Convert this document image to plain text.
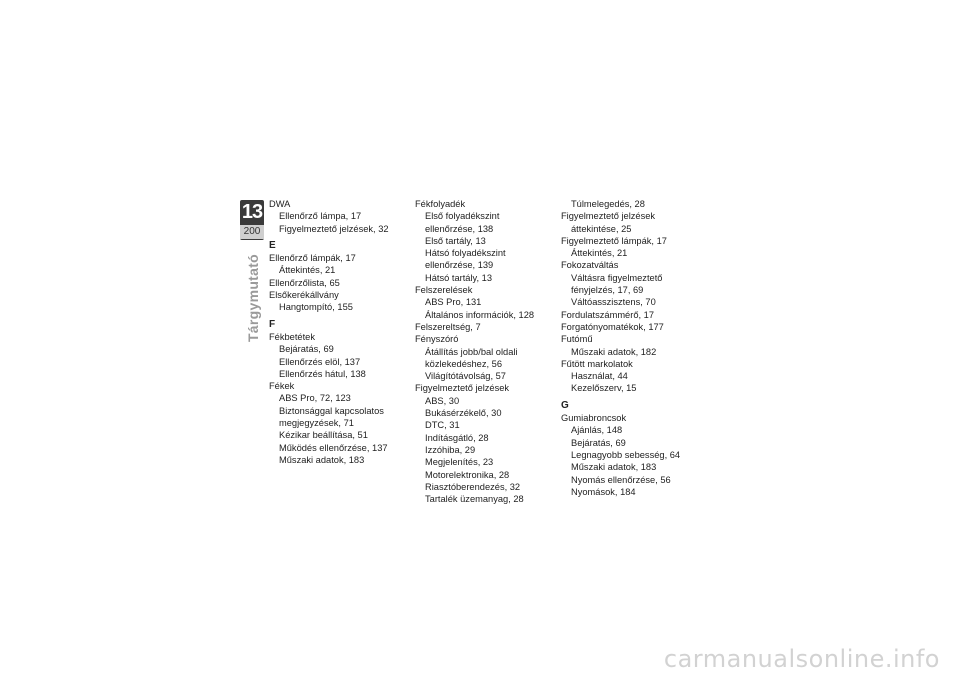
13
200
Tárgymutató
DWA
Ellenőrző lámpa, 17
Figyelmeztető jelzések, 32
E
Ellenőrző lámpák, 17
Áttekintés, 21
Ellenőrzőlista, 65
Elsőkerékállvány
Hangtompító, 155
F
Fékbetétek
Bejáratás, 69
Ellenőrzés elöl, 137
Ellenőrzés hátul, 138
Fékek
ABS Pro, 72, 123
Biztonsággal kapcsolatos
megjegyzések, 71
Kézikar beállítása, 51
Működés ellenőrzése, 137
Műszaki adatok, 183
Fékfolyadék
Első folyadékszint
ellenőrzése, 138
Első tartály, 13
Hátsó folyadékszint
ellenőrzése, 139
Hátsó tartály, 13
Felszerelések
ABS Pro, 131
Általános információk, 128
Felszereltség, 7
Fényszóró
Átállítás jobb/bal oldali
közlekedéshez, 56
Világítótávolság, 57
Figyelmeztető jelzések
ABS, 30
Bukásérzékelő, 30
DTC, 31
Indításgátló, 28
Izzóhiba, 29
Megjelenítés, 23
Motorelektronika, 28
Riasztóberendezés, 32
Tartalék üzemanyag, 28
Túlmelegedés, 28
Figyelmeztető jelzések
áttekintése, 25
Figyelmeztető lámpák, 17
Áttekintés, 21
Fokozatváltás
Váltásra figyelmeztető
fényjelzés, 17, 69
Váltóasszisztens, 70
Fordulatszámmérő, 17
Forgatónyomatékok, 177
Futómű
Műszaki adatok, 182
Fűtött markolatok
Használat, 44
Kezelőszerv, 15
G
Gumiabroncsok
Ajánlás, 148
Bejáratás, 69
Legnagyobb sebesség, 64
Műszaki adatok, 183
Nyomás ellenőrzése, 56
Nyomások, 184
carmanualsonline.info
